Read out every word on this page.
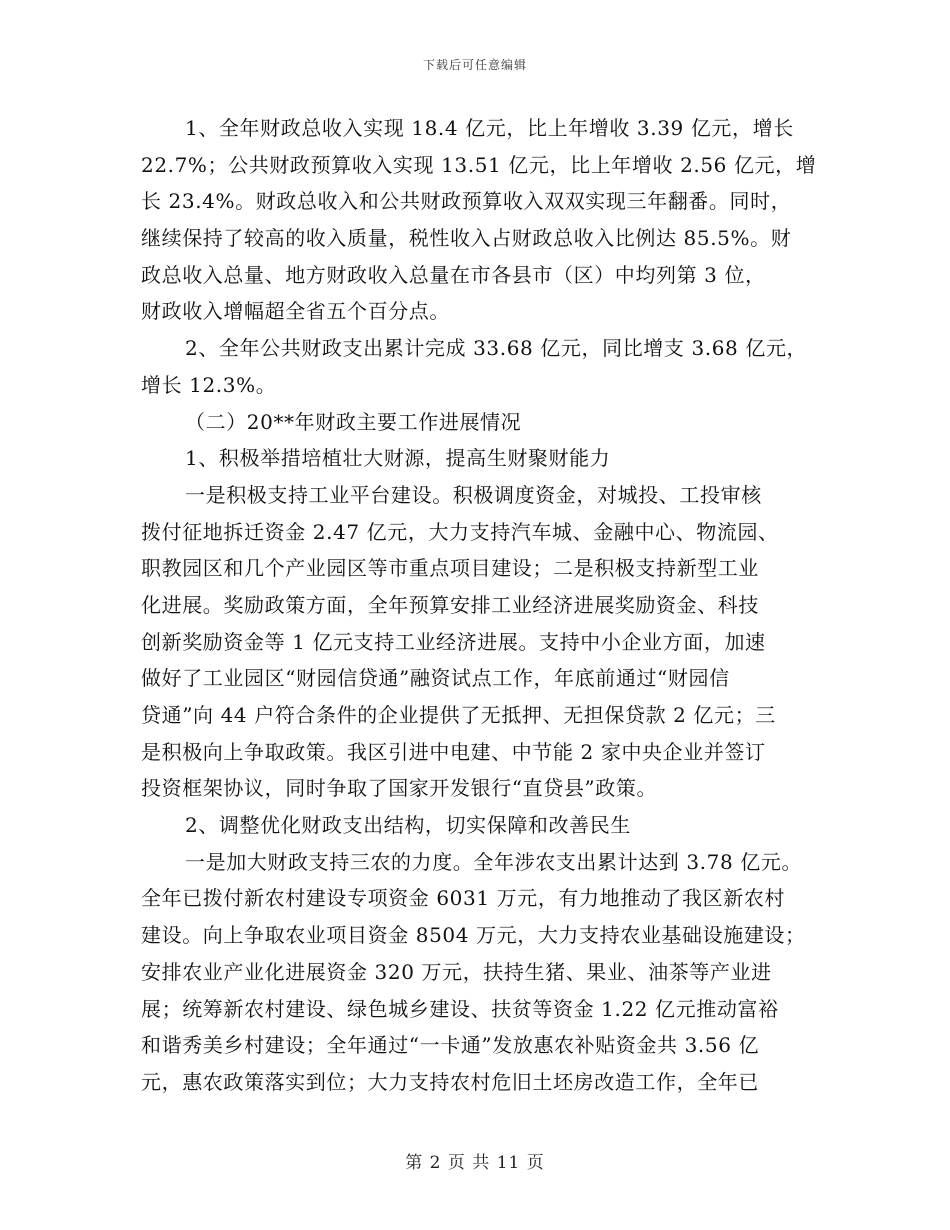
下载后可任意编辑
1、全年财政总收入实现 18.4 亿元，比上年增收 3.39 亿元，增长
22.7%；公共财政预算收入实现 13.51 亿元，比上年增收 2.56 亿元，增
长 23.4%。财政总收入和公共财政预算收入双双实现三年翻番。同时，
继续保持了较高的收入质量，税性收入占财政总收入比例达 85.5%。财
政总收入总量、地方财政收入总量在市各县市（区）中均列第 3 位，
财政收入增幅超全省五个百分点。
2、全年公共财政支出累计完成 33.68 亿元，同比增支 3.68 亿元，
增长 12.3%。
（二）20**年财政主要工作进展情况
1、积极举措培植壮大财源，提高生财聚财能力
一是积极支持工业平台建设。积极调度资金，对城投、工投审核
拨付征地拆迁资金 2.47 亿元，大力支持汽车城、金融中心、物流园、
职教园区和几个产业园区等市重点项目建设；二是积极支持新型工业
化进展。奖励政策方面，全年预算安排工业经济进展奖励资金、科技
创新奖励资金等 1 亿元支持工业经济进展。支持中小企业方面，加速
做好了工业园区“财园信贷通”融资试点工作，年底前通过“财园信
贷通”向 44 户符合条件的企业提供了无抵押、无担保贷款 2 亿元；三
是积极向上争取政策。我区引进中电建、中节能 2 家中央企业并签订
投资框架协议，同时争取了国家开发银行“直贷县”政策。
2、调整优化财政支出结构，切实保障和改善民生
一是加大财政支持三农的力度。全年涉农支出累计达到 3.78 亿元。
全年已拨付新农村建设专项资金 6031 万元，有力地推动了我区新农村
建设。向上争取农业项目资金 8504 万元，大力支持农业基础设施建设；
安排农业产业化进展资金 320 万元，扶持生猪、果业、油茶等产业进
展；统筹新农村建设、绿色城乡建设、扶贫等资金 1.22 亿元推动富裕
和谐秀美乡村建设；全年通过“一卡通”发放惠农补贴资金共 3.56 亿
元，惠农政策落实到位；大力支持农村危旧土坯房改造工作，全年已
第 2 页 共 11 页
